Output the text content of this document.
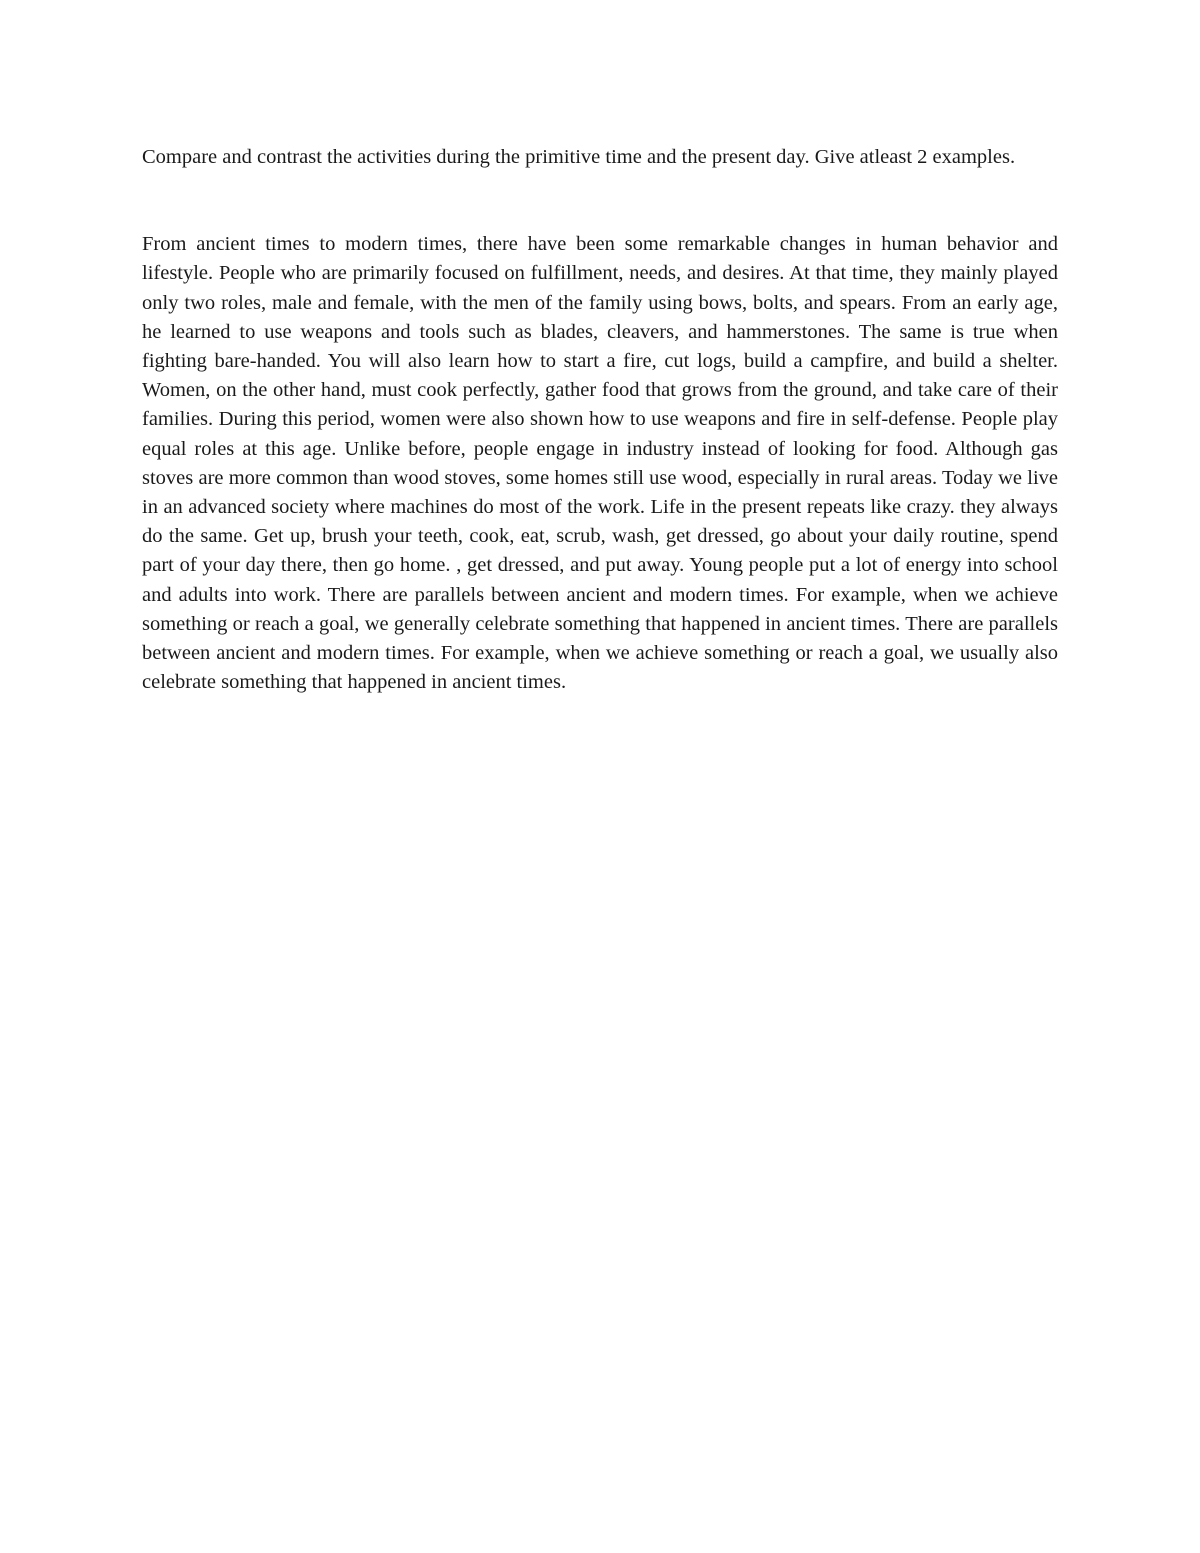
Compare and contrast the activities during the primitive time and the present day. Give atleast 2 examples.

From ancient times to modern times, there have been some remarkable changes in human behavior and lifestyle. People who are primarily focused on fulfillment, needs, and desires. At that time, they mainly played only two roles, male and female, with the men of the family using bows, bolts, and spears. From an early age, he learned to use weapons and tools such as blades, cleavers, and hammerstones. The same is true when fighting bare-handed. You will also learn how to start a fire, cut logs, build a campfire, and build a shelter. Women, on the other hand, must cook perfectly, gather food that grows from the ground, and take care of their families. During this period, women were also shown how to use weapons and fire in self-defense. People play equal roles at this age. Unlike before, people engage in industry instead of looking for food. Although gas stoves are more common than wood stoves, some homes still use wood, especially in rural areas. Today we live in an advanced society where machines do most of the work. Life in the present repeats like crazy. they always do the same. Get up, brush your teeth, cook, eat, scrub, wash, get dressed, go about your daily routine, spend part of your day there, then go home. , get dressed, and put away. Young people put a lot of energy into school and adults into work. There are parallels between ancient and modern times. For example, when we achieve something or reach a goal, we generally celebrate something that happened in ancient times. There are parallels between ancient and modern times. For example, when we achieve something or reach a goal, we usually also celebrate something that happened in ancient times.
